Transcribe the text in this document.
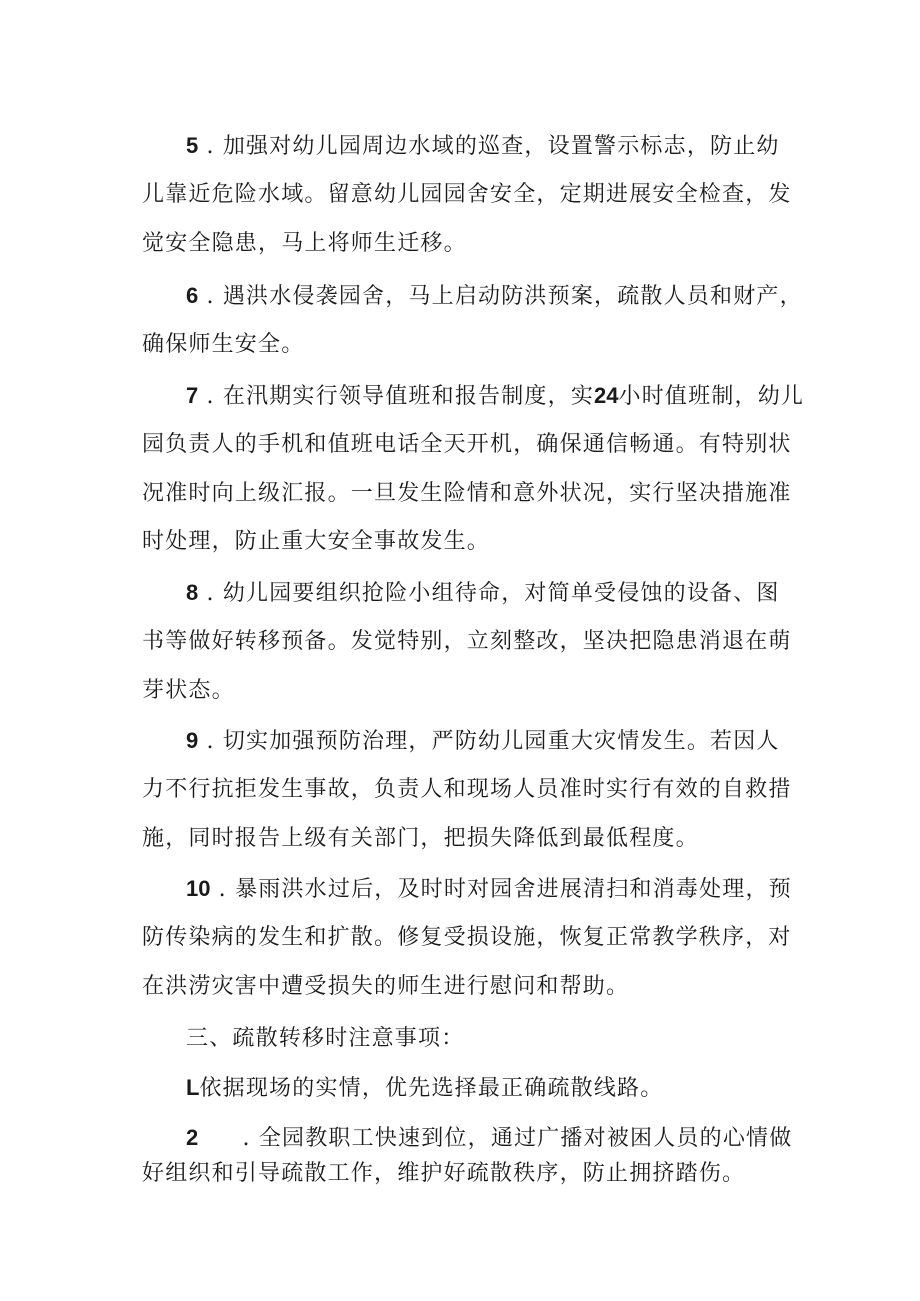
5 . 加强对幼儿园周边水域的巡查，设置警示标志，防止幼
儿靠近危险水域。留意幼儿园园舍安全，定期进展安全检查，发
觉安全隐患，马上将师生迁移。
6 . 遇洪水侵袭园舍，马上启动防洪预案，疏散人员和财产，
确保师生安全。
7 . 在汛期实行领导值班和报告制度，实24小时值班制，幼儿
园负责人的手机和值班电话全天开机，确保通信畅通。有特别状
况准时向上级汇报。一旦发生险情和意外状况，实行坚决措施准
时处理，防止重大安全事故发生。
8 . 幼儿园要组织抢险小组待命，对简单受侵蚀的设备、图
书等做好转移预备。发觉特别，立刻整改，坚决把隐患消退在萌
芽状态。
9 . 切实加强预防治理，严防幼儿园重大灾情发生。若因人
力不行抗拒发生事故，负责人和现场人员准时实行有效的自救措
施，同时报告上级有关部门，把损失降低到最低程度。
10 . 暴雨洪水过后，及时时对园舍进展清扫和消毒处理，预
防传染病的发生和扩散。修复受损设施，恢复正常教学秩序，对
在洪涝灾害中遭受损失的师生进行慰问和帮助。
三、疏散转移时注意事项：
L依据现场的实情，优先选择最正确疏散线路。
2 . 全园教职工快速到位，通过广播对被困人员的心情做
好组织和引导疏散工作，维护好疏散秩序，防止拥挤踏伤。
